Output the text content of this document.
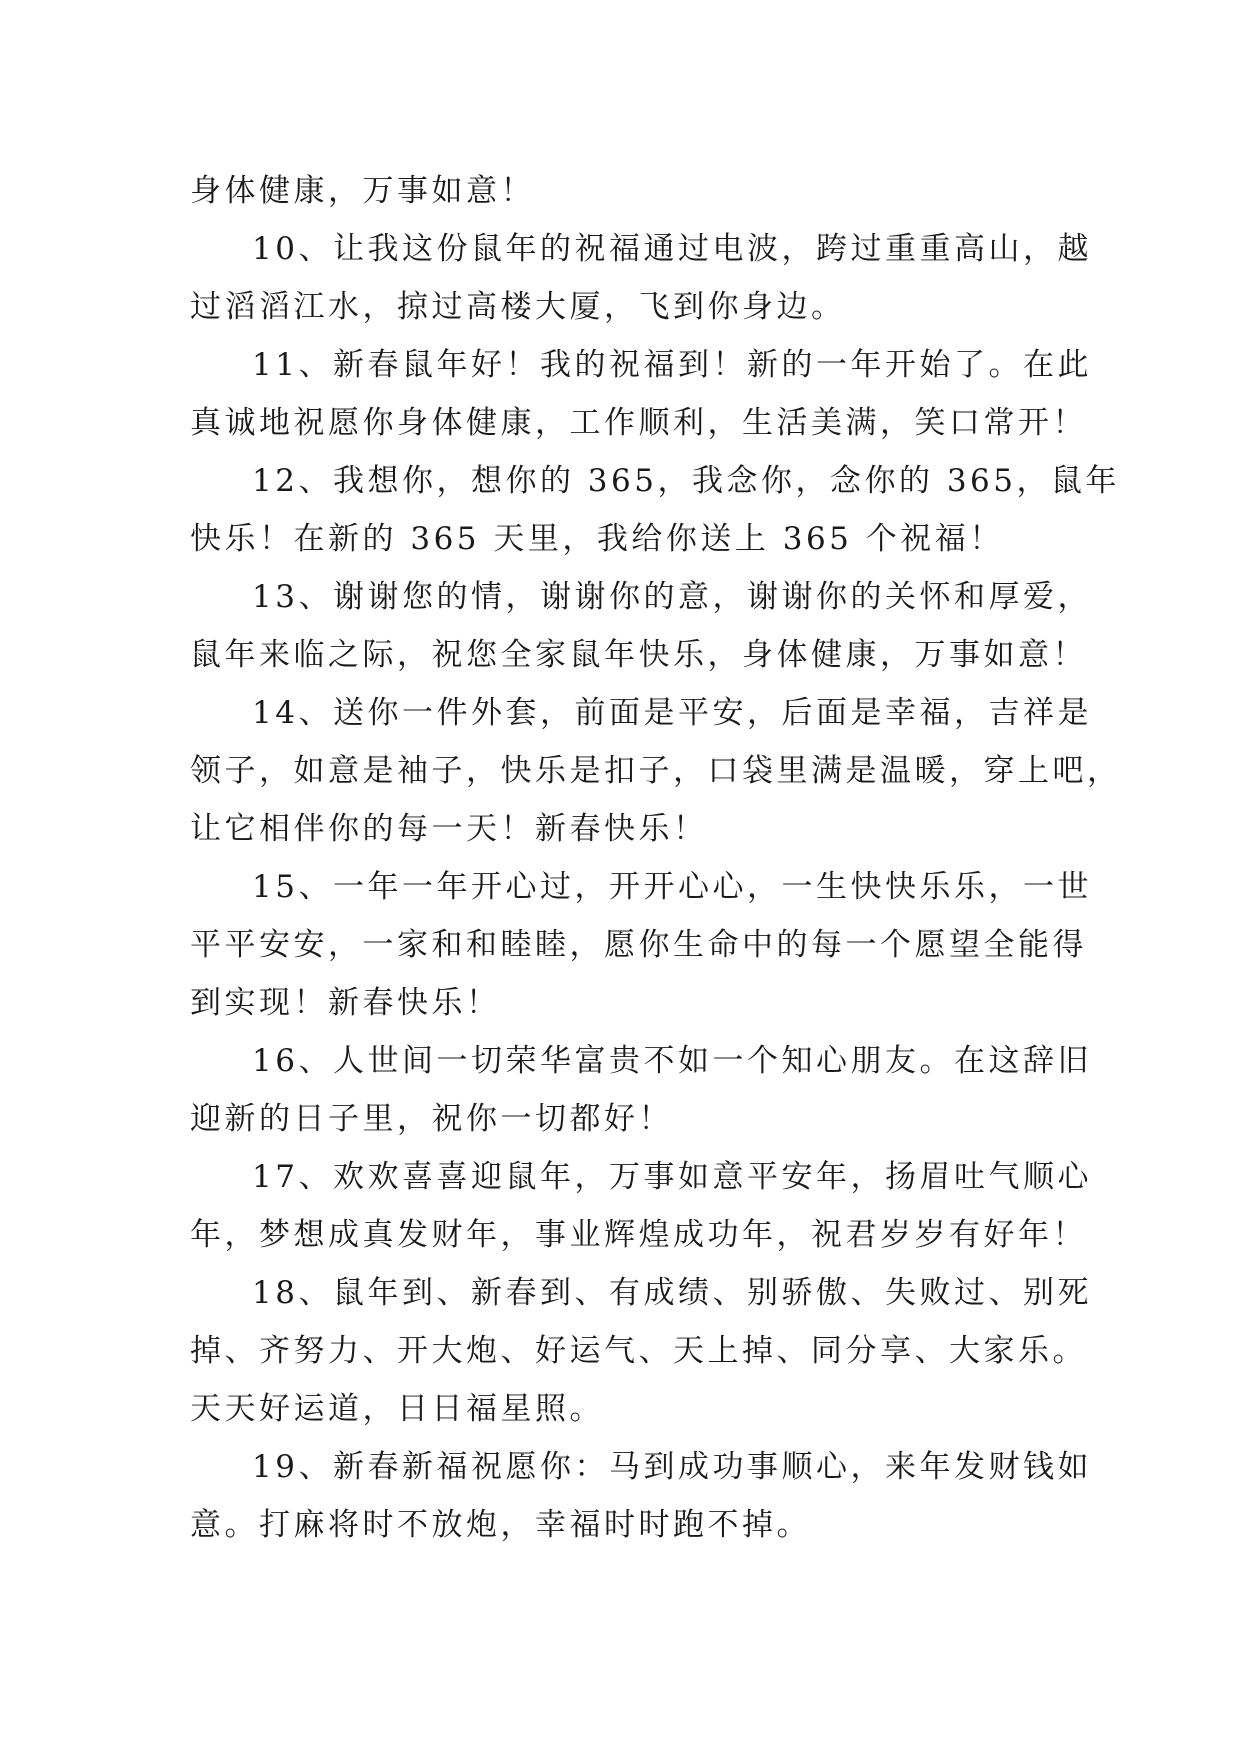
身体健康，万事如意！
10、让我这份鼠年的祝福通过电波，跨过重重高山，越
过滔滔江水，掠过高楼大厦，飞到你身边。
11、新春鼠年好！我的祝福到！新的一年开始了。在此
真诚地祝愿你身体健康，工作顺利，生活美满，笑口常开！
12、我想你，想你的 365，我念你，念你的 365，鼠年
快乐！在新的 365 天里，我给你送上 365 个祝福！
13、谢谢您的情，谢谢你的意，谢谢你的关怀和厚爱，
鼠年来临之际，祝您全家鼠年快乐，身体健康，万事如意！
14、送你一件外套，前面是平安，后面是幸福，吉祥是
领子，如意是袖子，快乐是扣子，口袋里满是温暖，穿上吧，
让它相伴你的每一天！新春快乐！
15、一年一年开心过，开开心心，一生快快乐乐，一世
平平安安，一家和和睦睦，愿你生命中的每一个愿望全能得
到实现！新春快乐！
16、人世间一切荣华富贵不如一个知心朋友。在这辞旧
迎新的日子里，祝你一切都好！
17、欢欢喜喜迎鼠年，万事如意平安年，扬眉吐气顺心
年，梦想成真发财年，事业辉煌成功年，祝君岁岁有好年！
18、鼠年到、新春到、有成绩、别骄傲、失败过、别死
掉、齐努力、开大炮、好运气、天上掉、同分享、大家乐。
天天好运道，日日福星照。
19、新春新福祝愿你：马到成功事顺心，来年发财钱如
意。打麻将时不放炮，幸福时时跑不掉。
